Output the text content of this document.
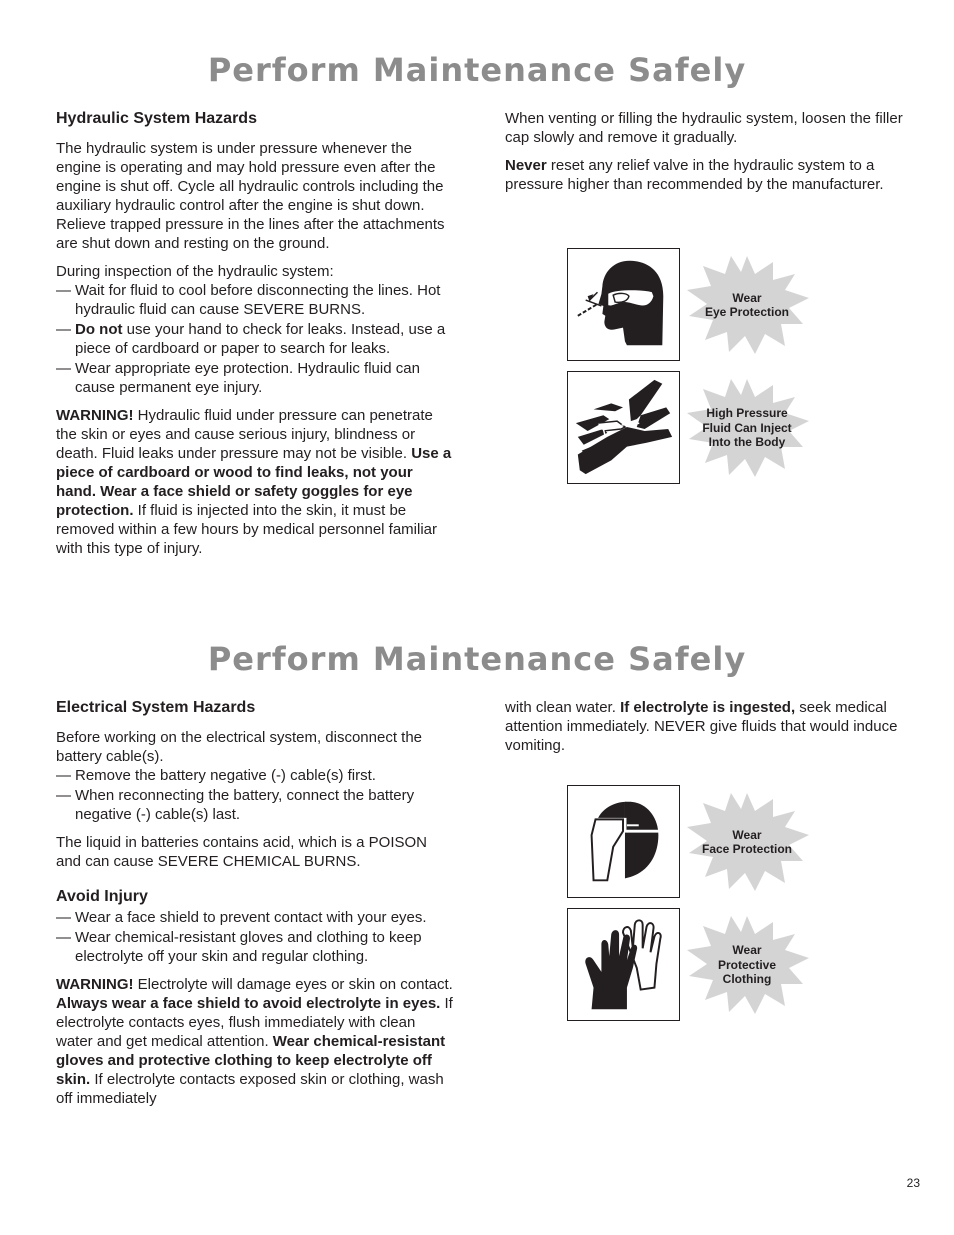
Perform Maintenance Safely
Hydraulic System Hazards

The hydraulic system is under pressure whenever the engine is operating and may hold pressure even after the engine is shut off. Cycle all hydraulic controls including the auxiliary hydraulic control after the engine is shut down. Relieve trapped pressure in the lines after the attachments are shut down and resting on the ground.

During inspection of the hydraulic system:
— Wait for fluid to cool before disconnecting the lines. Hot hydraulic fluid can cause SEVERE BURNS.
— Do not use your hand to check for leaks. Instead, use a piece of cardboard or paper to search for leaks.
— Wear appropriate eye protection. Hydraulic fluid can cause permanent eye injury.

WARNING! Hydraulic fluid under pressure can penetrate the skin or eyes and cause serious injury, blindness or death. Fluid leaks under pressure may not be visible. Use a piece of cardboard or wood to find leaks, not your hand. Wear a face shield or safety goggles for eye protection. If fluid is injected into the skin, it must be removed within a few hours by medical personnel familiar with this type of injury.

When venting or filling the hydraulic system, loosen the filler cap slowly and remove it gradually.

Never reset any relief valve in the hydraulic system to a pressure higher than recommended by the manufacturer.

Wear
Eye Protection
High Pressure
Fluid Can Inject
Into the Body
Perform Maintenance Safely
Electrical System Hazards
Before working on the electrical system, disconnect the battery cable(s).
— Remove the battery negative (-) cable(s) first.
— When reconnecting the battery, connect the battery negative (-) cable(s) last.

The liquid in batteries contains acid, which is a POISON and can cause SEVERE CHEMICAL BURNS.

Avoid Injury
— Wear a face shield to prevent contact with your eyes.
— Wear chemical-resistant gloves and clothing to keep electrolyte off your skin and regular clothing.

WARNING! Electrolyte will damage eyes or skin on contact. Always wear a face shield to avoid electrolyte in eyes. If electrolyte contacts eyes, flush immediately with clean water and get medical attention. Wear chemical-resistant gloves and protective clothing to keep electrolyte off skin. If electrolyte contacts exposed skin or clothing, wash off immediately

with clean water. If electrolyte is ingested, seek medical attention immediately. NEVER give fluids that would induce vomiting.

Wear
Face Protection
Wear
Protective
Clothing
23
